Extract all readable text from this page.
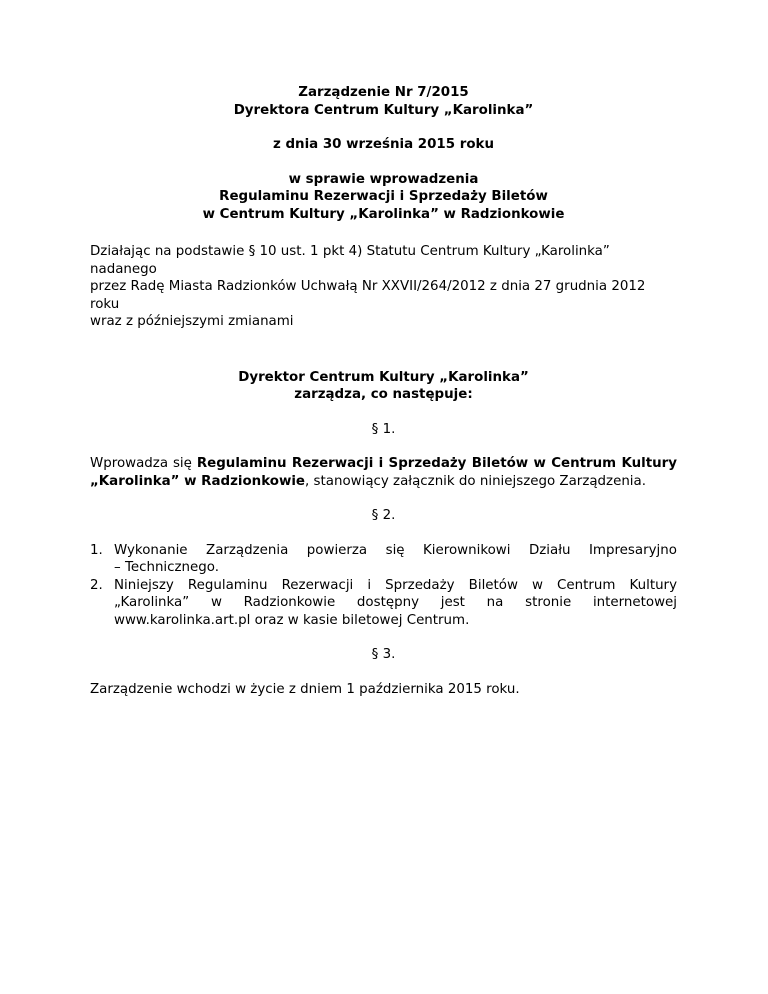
Zarządzenie Nr 7/2015

Dyrektora Centrum Kultury „Karolinka”

z dnia 30 września 2015 roku

w sprawie wprowadzenia

Regulaminu Rezerwacji i Sprzedaży Biletów

w Centrum Kultury „Karolinka” w Radzionkowie

Działając na podstawie § 10 ust. 1 pkt 4) Statutu Centrum Kultury „Karolinka” nadanego
przez Radę Miasta Radzionków Uchwałą Nr XXVII/264/2012 z dnia 27 grudnia 2012 roku
wraz z późniejszymi zmianami

Dyrektor Centrum Kultury „Karolinka”

zarządza, co następuje:

§ 1.

Wprowadza się Regulaminu Rezerwacji i Sprzedaży Biletów w Centrum Kultury „Karolinka” w Radzionkowie, stanowiący załącznik do niniejszego Zarządzenia.

§ 2.

1. Wykonanie Zarządzenia powierza się Kierownikowi Działu Impresaryjno
– Technicznego.
2. Niniejszy Regulaminu Rezerwacji i Sprzedaży Biletów w Centrum Kultury „Karolinka” w Radzionkowie dostępny jest na stronie internetowej www.karolinka.art.pl oraz w kasie biletowej Centrum.

§ 3.

Zarządzenie wchodzi w życie z dniem 1 października 2015 roku.
